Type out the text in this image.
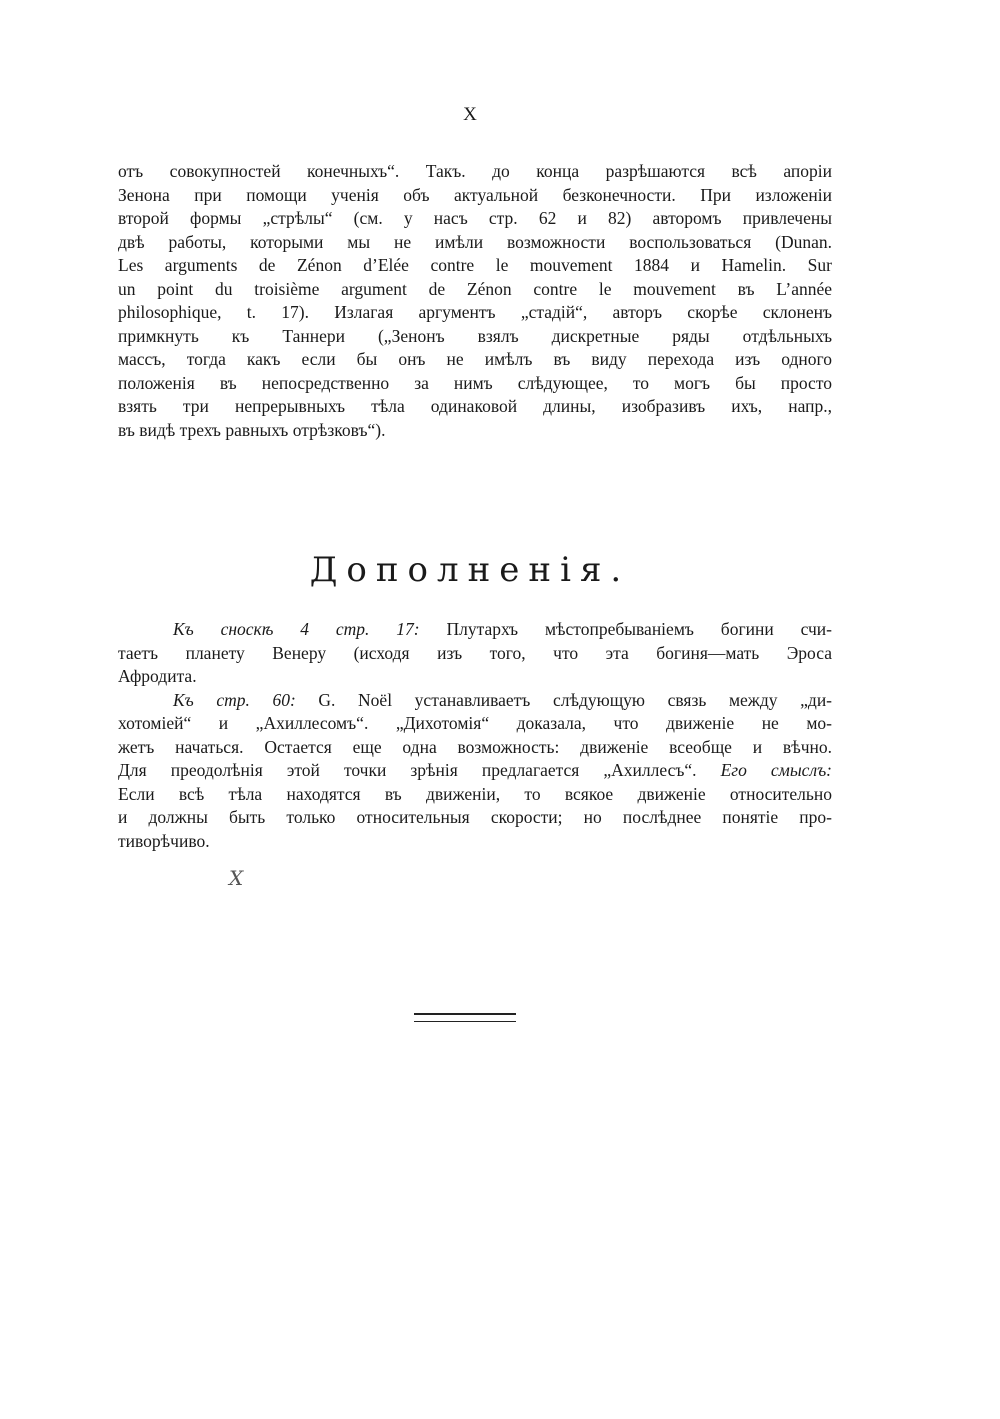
X
отъ совокупностей конечныхъ“. Такъ. до конца разрѣшаются всѣ апоріи
Зенона при помощи ученія объ актуальной безконечности. При изложеніи
второй формы „стрѣлы“ (см. у насъ стр. 62 и 82) авторомъ привлечены
двѣ работы, которыми мы не имѣли возможности воспользоваться (Dunan.
Les arguments de Zénon d’Elée contre le mouvement 1884 и Hamelin. Sur
un point du troisième argument de Zénon contre le mouvement въ L’année
philosophique, t. 17). Излагая аргументъ „стадій“, авторъ скорѣе склоненъ
примкнуть къ Таннери („Зенонъ взялъ дискретные ряды отдѣльныхъ
массъ, тогда какъ если бы онъ не имѣлъ въ виду перехода изъ одного
положенія въ непосредственно за нимъ слѣдующее, то могъ бы просто
взять три непрерывныхъ тѣла одинаковой длины, изобразивъ ихъ, напр.,
въ видѣ трехъ равныхъ отрѣзковъ“).
Дополненія.
Къ сноскѣ 4 стр. 17: Плутархъ мѣстопребываніемъ богини счи-
таетъ планету Венеру (исходя изъ того, что эта богиня—мать Эроса
Афродита.
Къ стр. 60: G. Noël устанавливаетъ слѣдующую связь между „ди-
хотоміей“ и „Ахиллесомъ“. „Дихотомія“ доказала, что движеніе не мо-
жетъ начаться. Остается еще одна возможность: движеніе всеобще и вѣчно.
Для преодолѣнія этой точки зрѣнія предлагается „Ахиллесъ“. Его смыслъ:
Если всѣ тѣла находятся въ движеніи, то всякое движеніе относительно
и должны быть только относительныя скорости; но послѣднее понятіе про-
тиворѣчиво.
X
